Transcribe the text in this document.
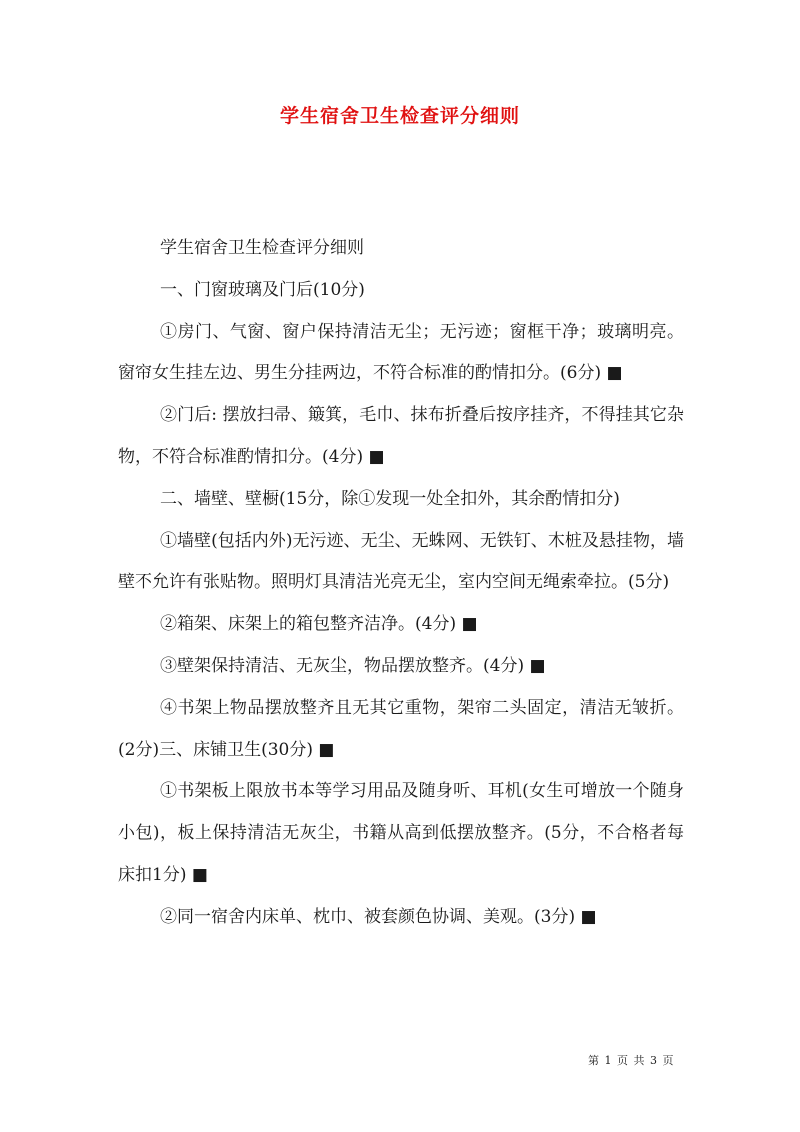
学生宿舍卫生检查评分细则

学生宿舍卫生检查评分细则

一、门窗玻璃及门后(10分)

①房门、气窗、窗户保持清洁无尘；无污迹；窗框干净；玻璃明亮。窗帘女生挂左边、男生分挂两边，不符合标准的酌情扣分。(6分) ■

②门后: 摆放扫帚、簸箕，毛巾、抹布折叠后按序挂齐，不得挂其它杂物，不符合标准酌情扣分。(4分) ■

二、墙壁、壁橱(15分，除①发现一处全扣外，其余酌情扣分)

①墙壁(包括内外)无污迹、无尘、无蛛网、无铁钉、木桩及悬挂物，墙壁不允许有张贴物。照明灯具清洁光亮无尘，室内空间无绳索牵拉。(5分)

②箱架、床架上的箱包整齐洁净。(4分) ■

③壁架保持清洁、无灰尘，物品摆放整齐。(4分) ■

④书架上物品摆放整齐且无其它重物，架帘二头固定，清洁无皱折。(2分)三、床铺卫生(30分) ■

①书架板上限放书本等学习用品及随身听、耳机(女生可增放一个随身小包)，板上保持清洁无灰尘，书籍从高到低摆放整齐。(5分，不合格者每床扣1分) ■

②同一宿舍内床单、枕巾、被套颜色协调、美观。(3分) ■

第 1 页 共 3 页
